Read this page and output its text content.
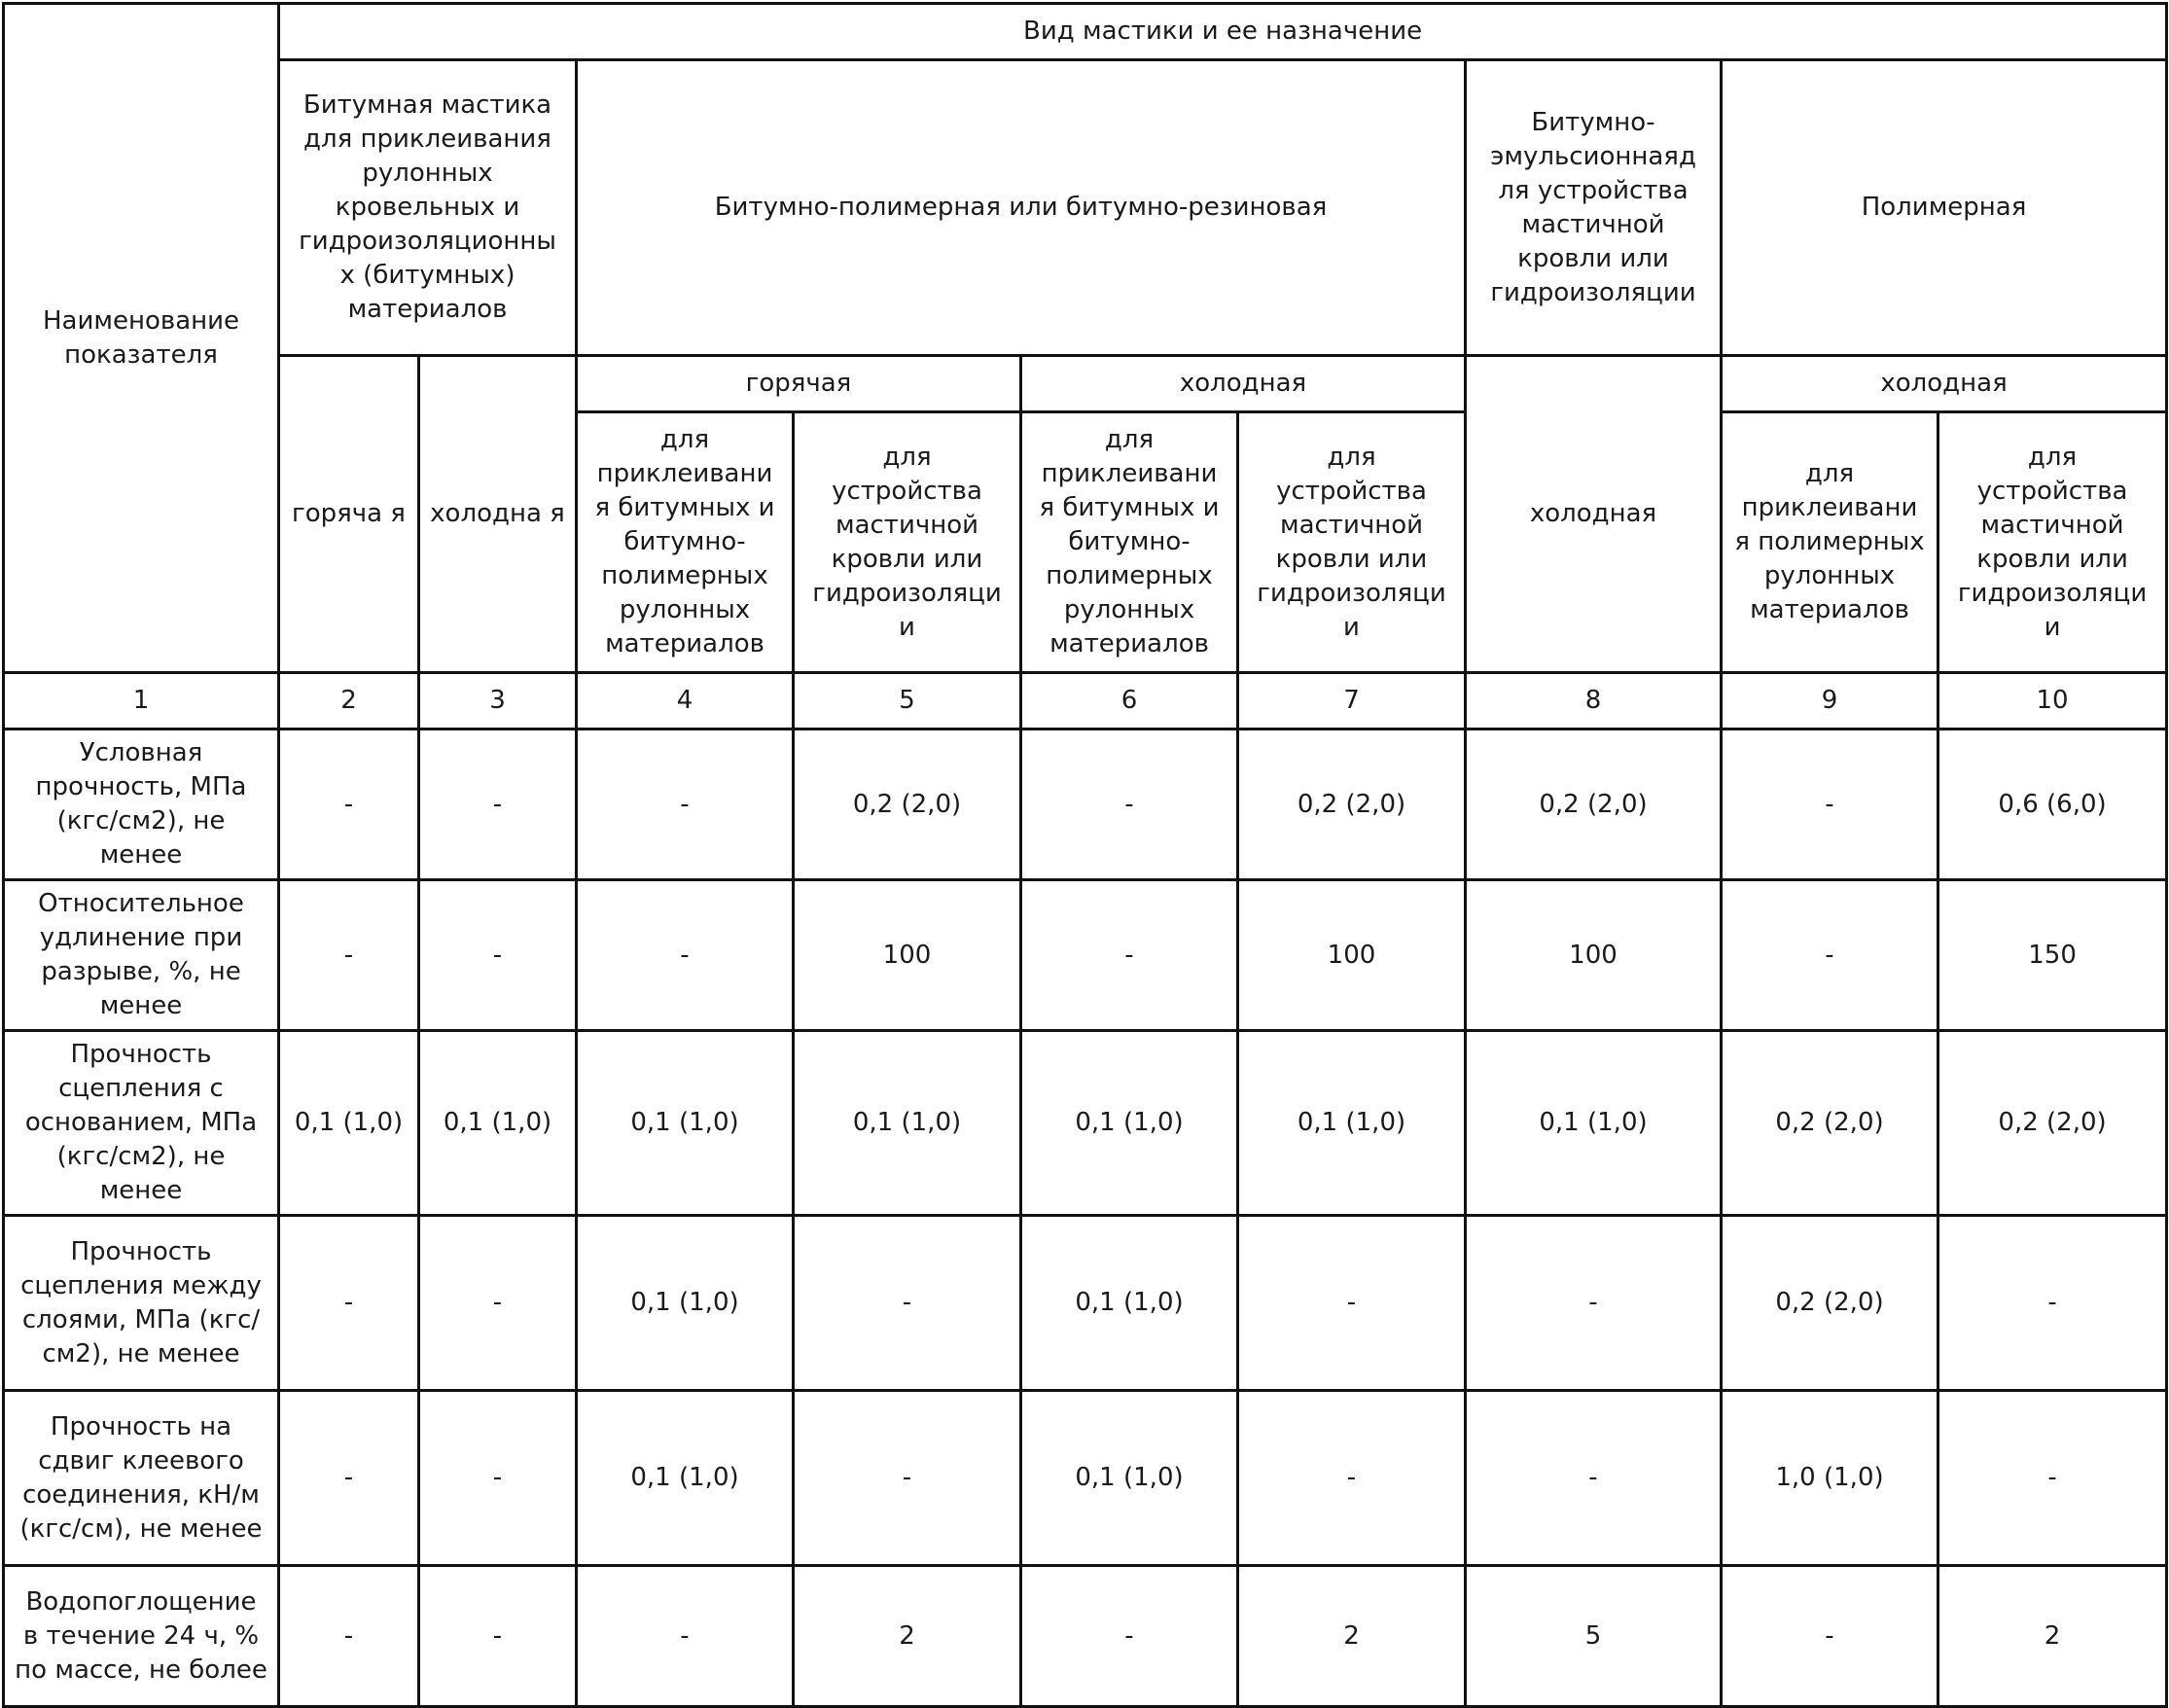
Наименование показателя	Вид мастики и ее назначение								
	Битумная мастика для приклеивания рулонных кровельных и гидроизоляционны х (битумных) материалов		Битумно-полимерная или битумно-резиновая				Битумно-эмульсионнаяд ля устройства мастичной кровли или гидроизоляции	Полимерная	
	горяча я	холодна я	горячая		холодная		холодная	холодная	
			для приклеивани я битумных и битумно-полимерных рулонных материалов	для устройства мастичной кровли или гидроизоляци и	для приклеивани я битумных и битумно-полимерных рулонных материалов	для устройства мастичной кровли или гидроизоляци и		для приклеивани я полимерных рулонных материалов	для устройства мастичной кровли или гидроизоляци и
1	2	3	4	5	6	7	8	9	10
Условная прочность, МПа (кгс/см2), не менее	-	-	-	0,2 (2,0)	-	0,2 (2,0)	0,2 (2,0)	-	0,6 (6,0)
Относительное удлинение при разрыве, %, не менее	-	-	-	100	-	100	100	-	150
Прочность сцепления с основанием, МПа (кгс/см2), не менее	0,1 (1,0)	0,1 (1,0)	0,1 (1,0)	0,1 (1,0)	0,1 (1,0)	0,1 (1,0)	0,1 (1,0)	0,2 (2,0)	0,2 (2,0)
Прочность сцепления между слоями, МПа (кгс/см2), не менее	-	-	0,1 (1,0)	-	0,1 (1,0)	-	-	0,2 (2,0)	-
Прочность на сдвиг клеевого соединения, кН/м (кгс/см), не менее	-	-	0,1 (1,0)	-	0,1 (1,0)	-	-	1,0 (1,0)	-
Водопоглощение в течение 24 ч, % по массе, не более	-	-	-	2	-	2	5	-	2
